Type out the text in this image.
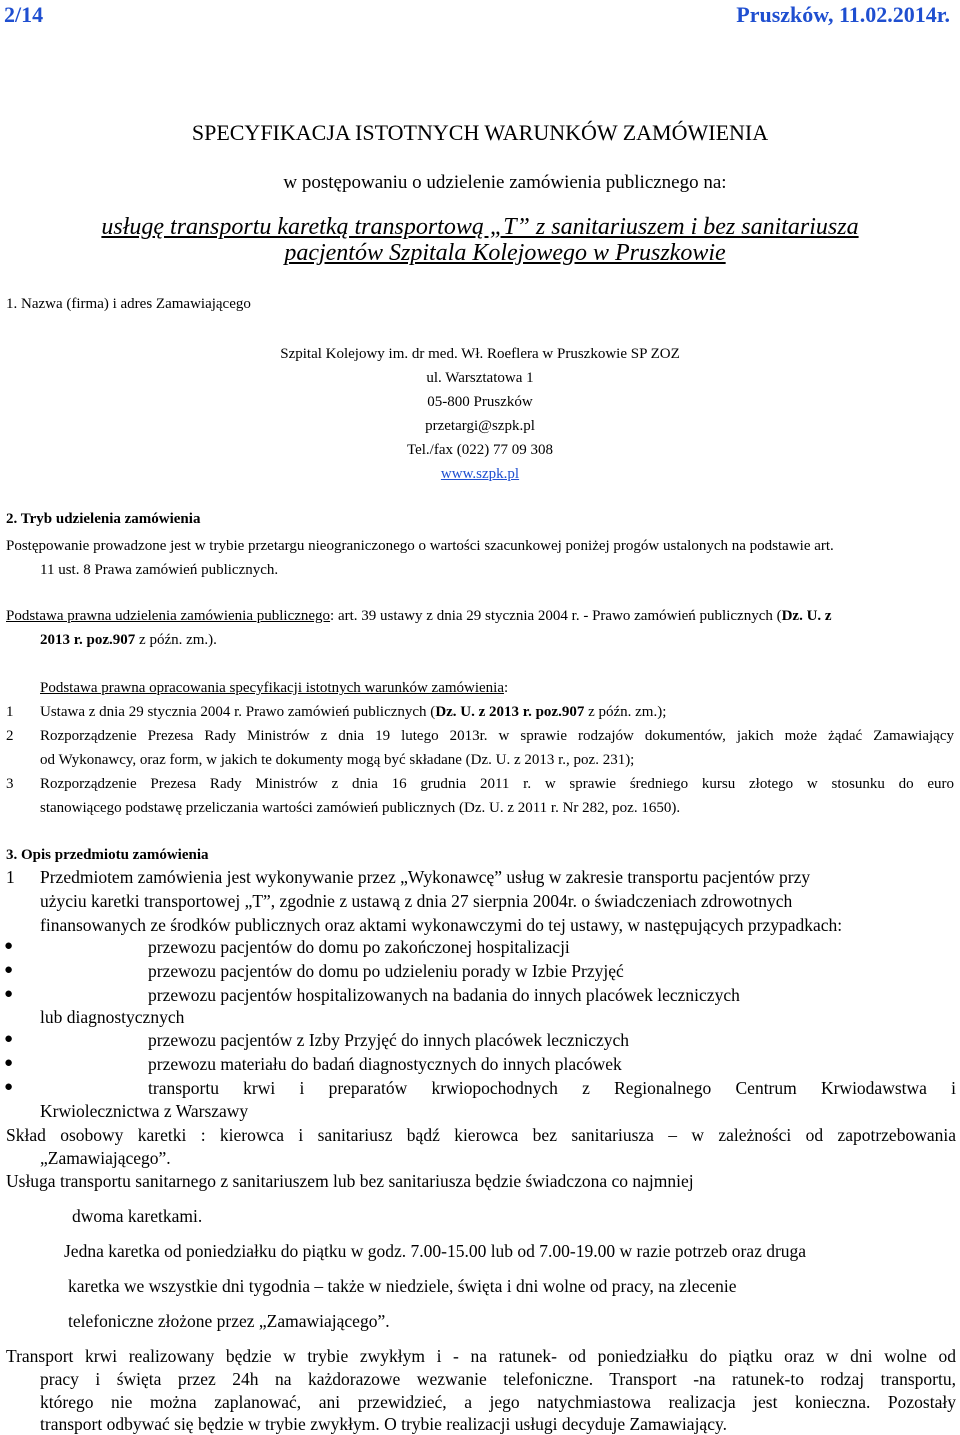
2/14	Pruszków, 11.02.2014r.
SPECYFIKACJA ISTOTNYCH WARUNKÓW ZAMÓWIENIA
w postępowaniu o udzielenie zamówienia publicznego na:
usługę transportu karetką transportową „T” z sanitariuszem i bez sanitariusza
pacjentów Szpitala Kolejowego w Pruszkowie
1. Nazwa (firma) i adres Zamawiającego
Szpital Kolejowy im. dr med. Wł. Roeflera w Pruszkowie SP ZOZ
ul. Warsztatowa 1
05-800 Pruszków
przetargi@szpk.pl
Tel./fax (022) 77 09 308
www.szpk.pl
2. Tryb udzielenia zamówienia
Postępowanie prowadzone jest w trybie przetargu nieograniczonego o wartości szacunkowej poniżej progów ustalonych na podstawie art.
11 ust. 8 Prawa zamówień publicznych.
Podstawa prawna udzielenia zamówienia publicznego: art. 39 ustawy z dnia 29 stycznia 2004 r. - Prawo zamówień publicznych (Dz. U. z
2013 r. poz.907 z późn. zm.).
Podstawa prawna opracowania specyfikacji istotnych warunków zamówienia:
1 Ustawa z dnia 29 stycznia 2004 r. Prawo zamówień publicznych (Dz. U. z 2013 r. poz.907 z późn. zm.);
2 Rozporządzenie Prezesa Rady Ministrów z dnia 19 lutego 2013r. w sprawie rodzajów dokumentów, jakich może żądać Zamawiający
od Wykonawcy, oraz form, w jakich te dokumenty mogą być składane (Dz. U. z 2013 r., poz. 231);
3 Rozporządzenie Prezesa Rady Ministrów z dnia 16 grudnia 2011 r. w sprawie średniego kursu złotego w stosunku do euro
stanowiącego podstawę przeliczania wartości zamówień publicznych (Dz. U. z 2011 r. Nr 282, poz. 1650).
3. Opis przedmiotu zamówienia
1 Przedmiotem zamówienia jest wykonywanie przez „Wykonawcę” usług w zakresie transportu pacjentów przy
użyciu karetki transportowej „T”, zgodnie z ustawą z dnia 27 sierpnia 2004r. o świadczeniach zdrowotnych
finansowanych ze środków publicznych oraz aktami wykonawczymi do tej ustawy, w następujących przypadkach:
●	przewozu pacjentów do domu po zakończonej hospitalizacji
●	przewozu pacjentów do domu po udzieleniu porady w Izbie Przyjęć
●	przewozu pacjentów hospitalizowanych na badania do innych placówek leczniczych
lub diagnostycznych
●	przewozu pacjentów z Izby Przyjęć do innych placówek leczniczych
●	przewozu materiału do badań diagnostycznych do innych placówek
●	transportu krwi i preparatów krwiopochodnych z Regionalnego Centrum Krwiodawstwa i
Krwiolecznictwa z Warszawy
Skład osobowy karetki : kierowca i sanitariusz bądź kierowca bez sanitariusza – w zależności od zapotrzebowania
„Zamawiającego”.
Usługa transportu sanitarnego z sanitariuszem lub bez sanitariusza będzie świadczona co najmniej
dwoma karetkami.
Jedna karetka od poniedziałku do piątku w godz. 7.00-15.00 lub od 7.00-19.00 w razie potrzeb oraz druga
karetka we wszystkie dni tygodnia – także w niedziele, święta i dni wolne od pracy, na zlecenie
telefoniczne złożone przez „Zamawiającego”.
Transport krwi realizowany będzie w trybie zwykłym i - na ratunek- od poniedziałku do piątku oraz w dni wolne od
pracy i święta przez 24h na każdorazowe wezwanie telefoniczne. Transport -na ratunek-to rodzaj transportu,
którego nie można zaplanować, ani przewidzieć, a jego natychmiastowa realizacja jest konieczna. Pozostały
transport odbywać się będzie w trybie zwykłym. O trybie realizacji usługi decyduje Zamawiający.
